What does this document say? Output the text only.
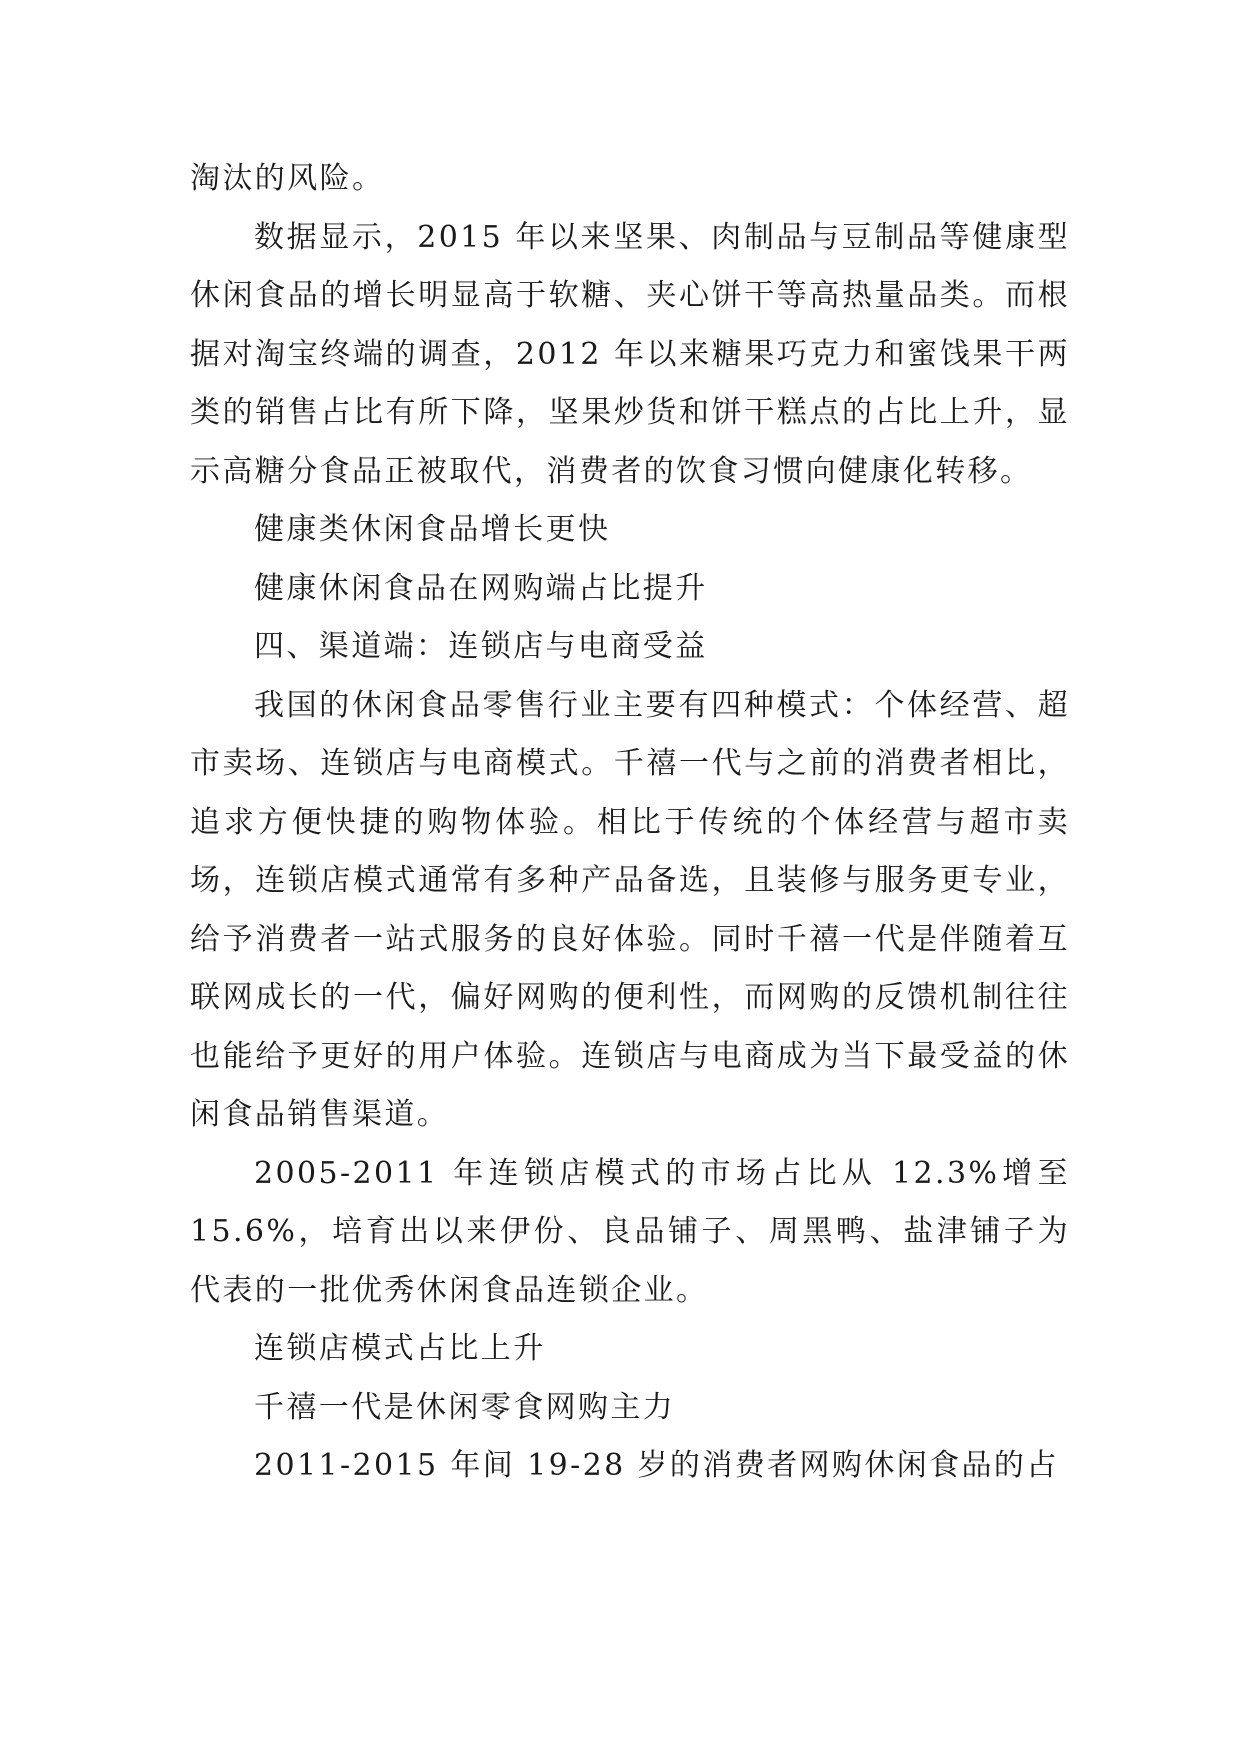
淘汰的风险。

数据显示，2015 年以来坚果、肉制品与豆制品等健康型休闲食品的增长明显高于软糖、夹心饼干等高热量品类。而根据对淘宝终端的调查，2012 年以来糖果巧克力和蜜饯果干两类的销售占比有所下降，坚果炒货和饼干糕点的占比上升，显示高糖分食品正被取代，消费者的饮食习惯向健康化转移。

健康类休闲食品增长更快

健康休闲食品在网购端占比提升

四、渠道端：连锁店与电商受益

我国的休闲食品零售行业主要有四种模式：个体经营、超市卖场、连锁店与电商模式。千禧一代与之前的消费者相比，追求方便快捷的购物体验。相比于传统的个体经营与超市卖场，连锁店模式通常有多种产品备选，且装修与服务更专业，给予消费者一站式服务的良好体验。同时千禧一代是伴随着互联网成长的一代，偏好网购的便利性，而网购的反馈机制往往也能给予更好的用户体验。连锁店与电商成为当下最受益的休闲食品销售渠道。

2005-2011 年连锁店模式的市场占比从 12.3%增至15.6%，培育出以来伊份、良品铺子、周黑鸭、盐津铺子为代表的一批优秀休闲食品连锁企业。

连锁店模式占比上升

千禧一代是休闲零食网购主力

2011-2015 年间 19-28 岁的消费者网购休闲食品的占
